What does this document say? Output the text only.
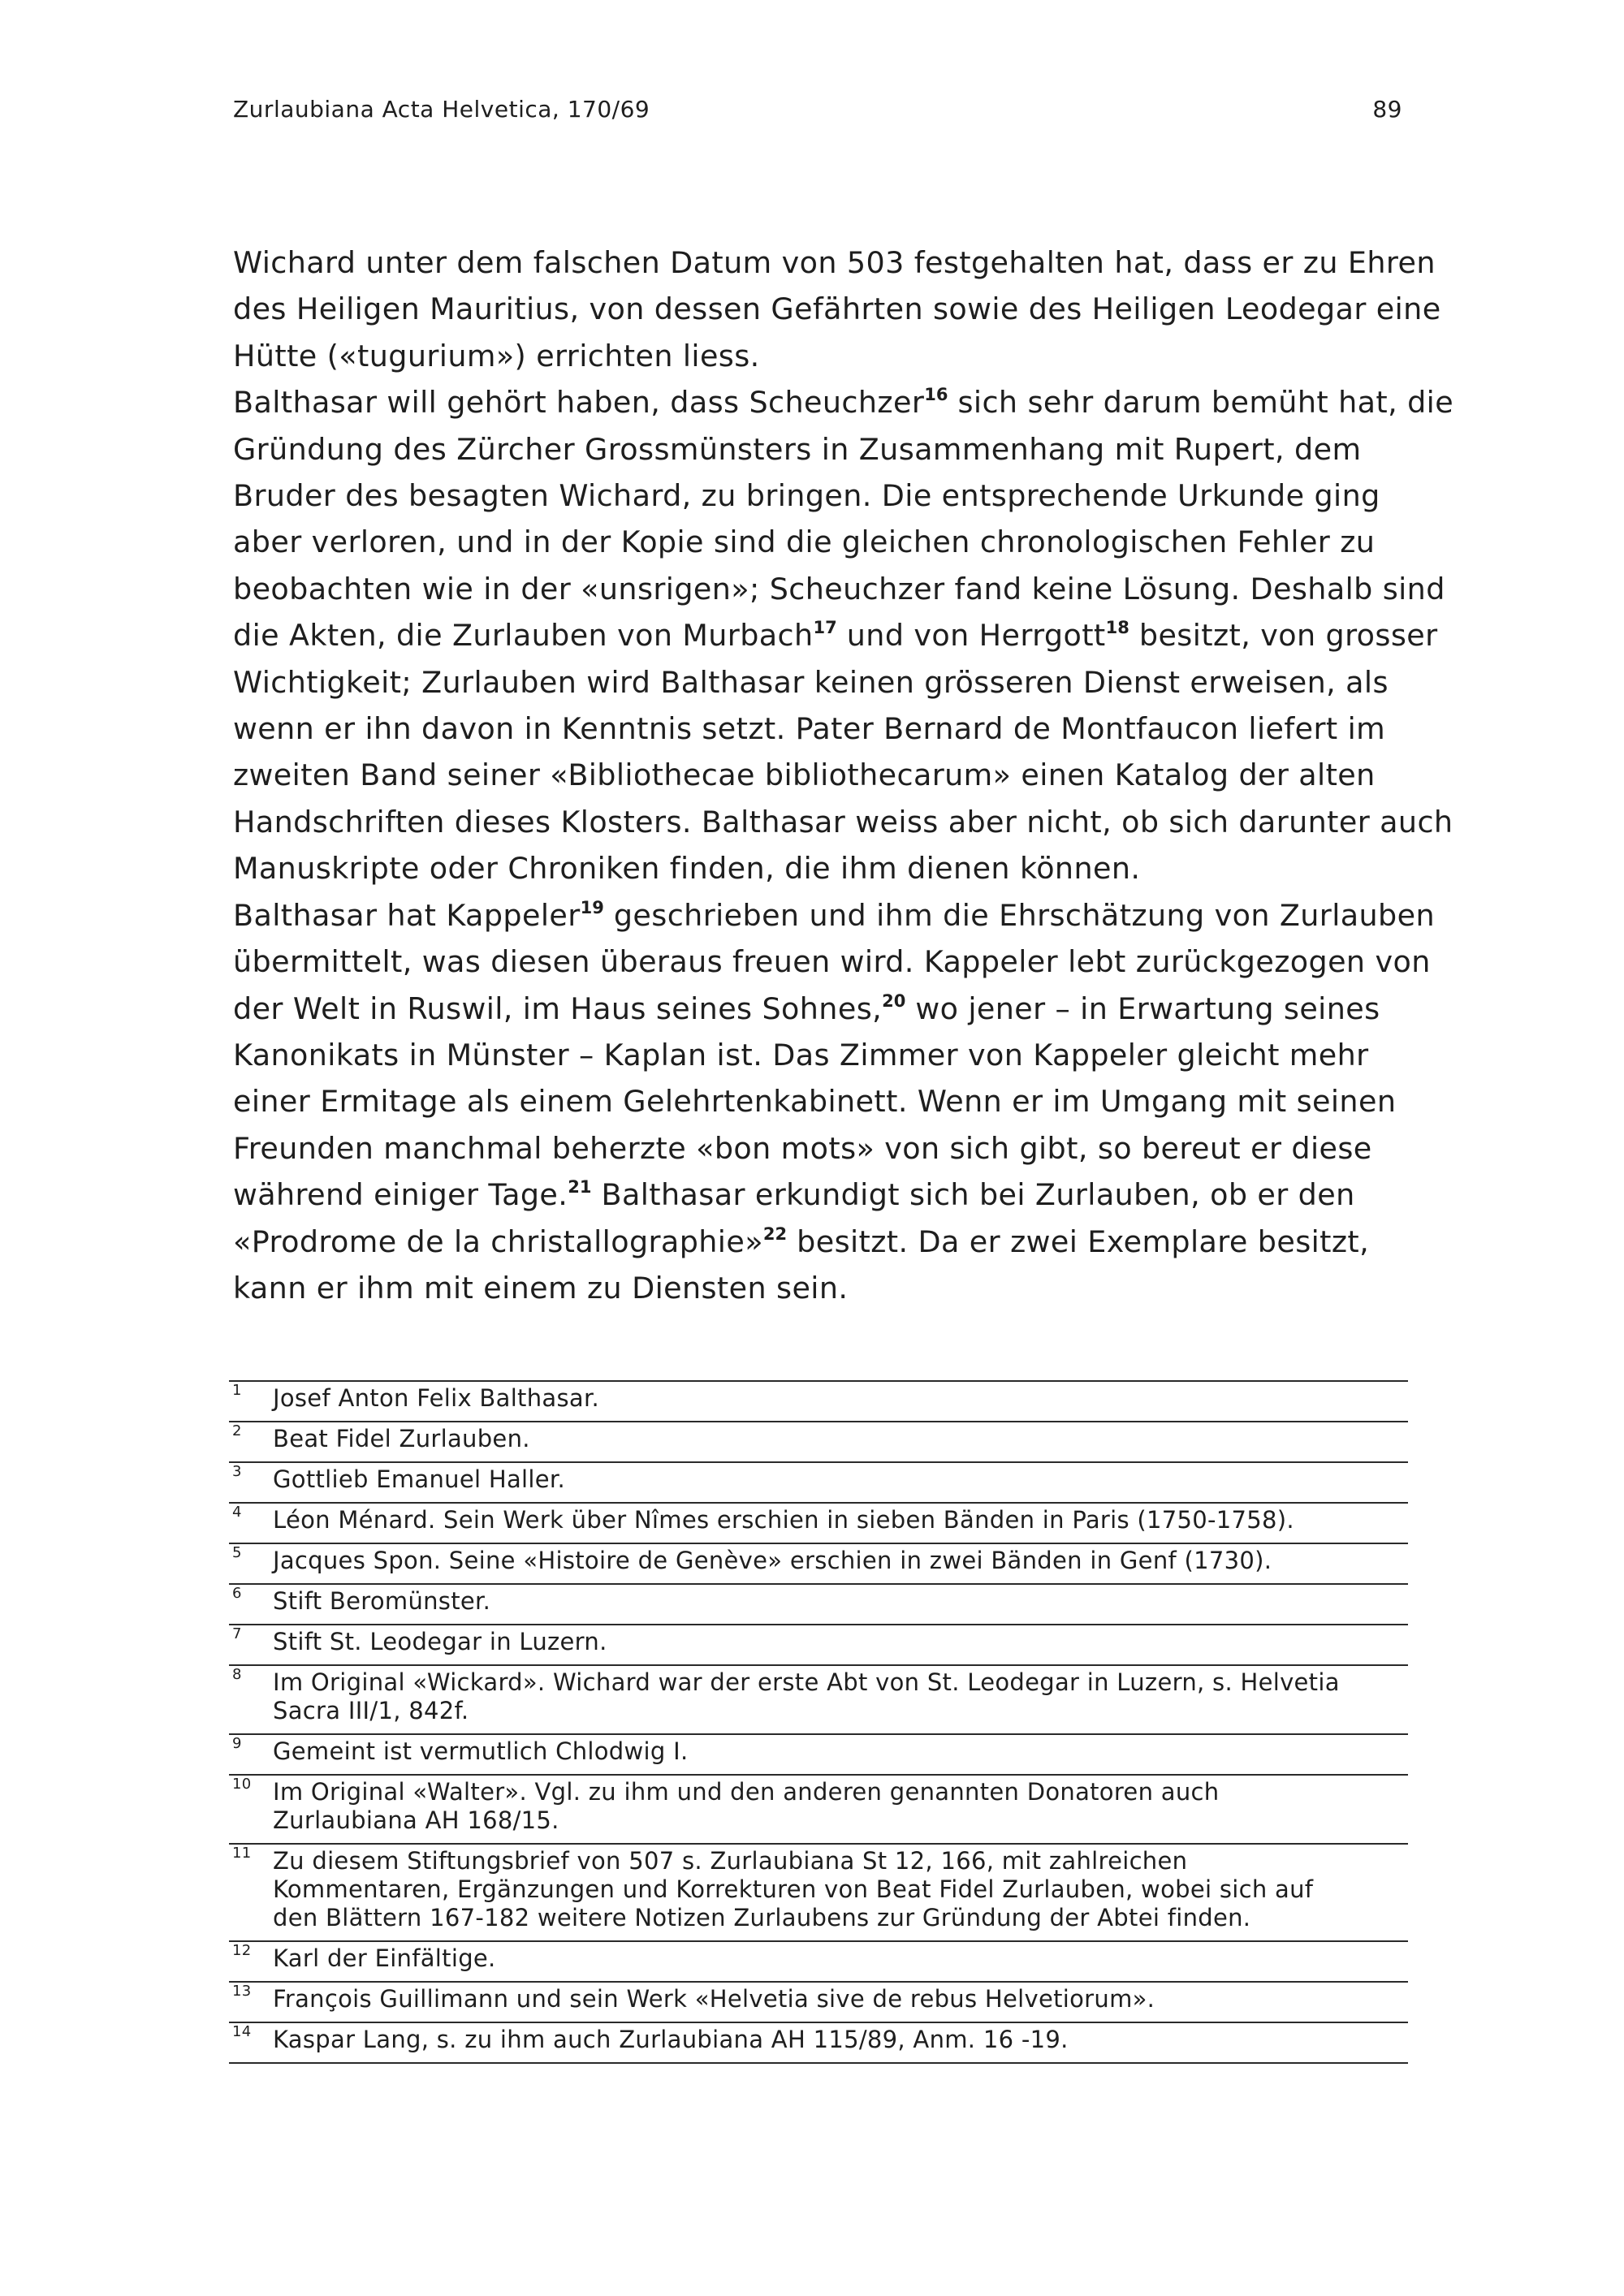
Zurlaubiana Acta Helvetica, 170/69	89

Wichard unter dem falschen Datum von 503 festgehalten hat, dass er zu Ehren
des Heiligen Mauritius, von dessen Gefährten sowie des Heiligen Leodegar eine
Hütte («tugurium») errichten liess.

Balthasar will gehört haben, dass Scheuchzer$^{16}$ sich sehr darum bemüht hat, die
Gründung des Zürcher Grossmünsters in Zusammenhang mit Rupert, dem
Bruder des besagten Wichard, zu bringen. Die entsprechende Urkunde ging
aber verloren, und in der Kopie sind die gleichen chronologischen Fehler zu
beobachten wie in der «unsrigen»; Scheuchzer fand keine Lösung. Deshalb sind
die Akten, die Zurlauben von Murbach$^{17}$ und von Herrgott$^{18}$ besitzt, von grosser
Wichtigkeit; Zurlauben wird Balthasar keinen grösseren Dienst erweisen, als
wenn er ihn davon in Kenntnis setzt. Pater Bernard de Montfaucon liefert im
zweiten Band seiner «Bibliothecae bibliothecarum» einen Katalog der alten
Handschriften dieses Klosters. Balthasar weiss aber nicht, ob sich darunter auch
Manuskripte oder Chroniken finden, die ihm dienen können.

Balthasar hat Kappeler$^{19}$ geschrieben und ihm die Ehrschätzung von Zurlauben
übermittelt, was diesen überaus freuen wird. Kappeler lebt zurückgezogen von
der Welt in Ruswil, im Haus seines Sohnes,$^{20}$ wo jener – in Erwartung seines
Kanonikats in Münster – Kaplan ist. Das Zimmer von Kappeler gleicht mehr
einer Ermitage als einem Gelehrtenkabinett. Wenn er im Umgang mit seinen
Freunden manchmal beherzte «bon mots» von sich gibt, so bereut er diese
während einiger Tage.$^{21}$ Balthasar erkundigt sich bei Zurlauben, ob er den
«Prodrome de la christallographie»$^{22}$ besitzt. Da er zwei Exemplare besitzt,
kann er ihm mit einem zu Diensten sein.

1 Josef Anton Felix Balthasar.
2 Beat Fidel Zurlauben.
3 Gottlieb Emanuel Haller.
4 Léon Ménard. Sein Werk über Nîmes erschien in sieben Bänden in Paris (1750-1758).
5 Jacques Spon. Seine «Histoire de Genève» erschien in zwei Bänden in Genf (1730).
6 Stift Beromünster.
7 Stift St. Leodegar in Luzern.
8 Im Original «Wickard». Wichard war der erste Abt von St. Leodegar in Luzern, s. Helvetia
Sacra III/1, 842f.
9 Gemeint ist vermutlich Chlodwig I.
10 Im Original «Walter». Vgl. zu ihm und den anderen genannten Donatoren auch
Zurlaubiana AH 168/15.
11 Zu diesem Stiftungsbrief von 507 s. Zurlaubiana St 12, 166, mit zahlreichen
Kommentaren, Ergänzungen und Korrekturen von Beat Fidel Zurlauben, wobei sich auf
den Blättern 167-182 weitere Notizen Zurlaubens zur Gründung der Abtei finden.
12 Karl der Einfältige.
13 François Guillimann und sein Werk «Helvetia sive de rebus Helvetiorum».
14 Kaspar Lang, s. zu ihm auch Zurlaubiana AH 115/89, Anm. 16 -19.
